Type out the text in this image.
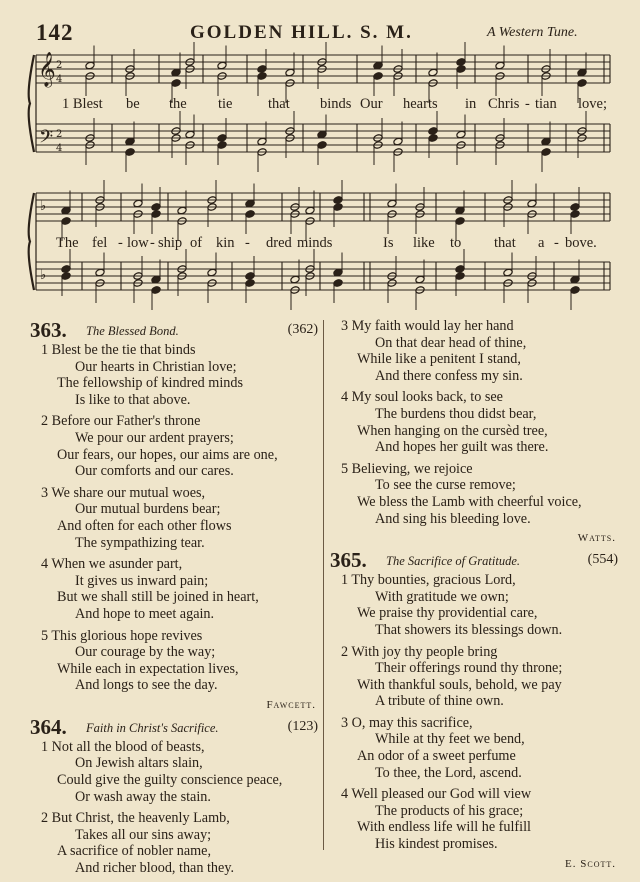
142	GOLDEN HILL. S. M.	A Western Tune.
𝄞
𝄢
2
4
2
4
♭
♭
1 Blest be the tie that binds Our hearts in Chris - tian love;
The fel - low - ship of kin - dred minds	Is like to that a - bove.
363. The Blessed Bond.	(362)
1 Blest be the tie that binds
Our hearts in Christian love;
The fellowship of kindred minds
Is like to that above.
2 Before our Father's throne
We pour our ardent prayers;
Our fears, our hopes, our aims are one,
Our comforts and our cares.
3 We share our mutual woes,
Our mutual burdens bear;
And often for each other flows
The sympathizing tear.
4 When we asunder part,
It gives us inward pain;
But we shall still be joined in heart,
And hope to meet again.
5 This glorious hope revives
Our courage by the way;
While each in expectation lives,
And longs to see the day.
Fawcett.
364. Faith in Christ's Sacrifice.	(123)
1 Not all the blood of beasts,
On Jewish altars slain,
Could give the guilty conscience peace,
Or wash away the stain.
2 But Christ, the heavenly Lamb,
Takes all our sins away;
A sacrifice of nobler name,
And richer blood, than they.
3 My faith would lay her hand
On that dear head of thine,
While like a penitent I stand,
And there confess my sin.
4 My soul looks back, to see
The burdens thou didst bear,
When hanging on the cursèd tree,
And hopes her guilt was there.
5 Believing, we rejoice
To see the curse remove;
We bless the Lamb with cheerful voice,
And sing his bleeding love.
Watts.
365. The Sacrifice of Gratitude.	(554)
1 Thy bounties, gracious Lord,
With gratitude we own;
We praise thy providential care,
That showers its blessings down.
2 With joy thy people bring
Their offerings round thy throne;
With thankful souls, behold, we pay
A tribute of thine own.
3 O, may this sacrifice,
While at thy feet we bend,
An odor of a sweet perfume
To thee, the Lord, ascend.
4 Well pleased our God will view
The products of his grace;
With endless life will he fulfill
His kindest promises.
E. Scott.
